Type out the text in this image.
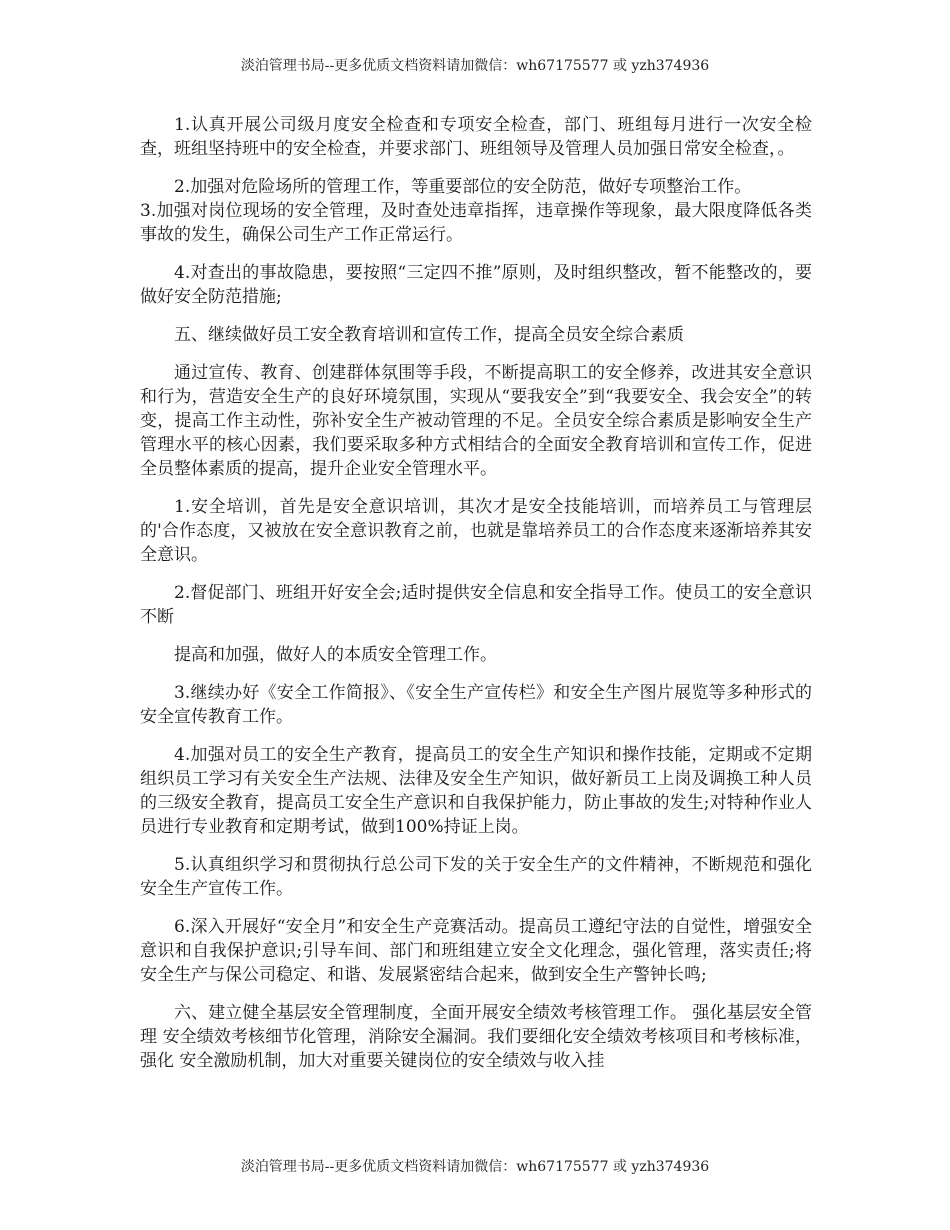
淡泊管理书局--更多优质文档资料请加微信：wh67175577 或 yzh374936

1.认真开展公司级月度安全检查和专项安全检查，部门、班组每月进行一次安全检查，班组坚持班中的安全检查，并要求部门、班组领导及管理人员加强日常安全检查，。

2.加强对危险场所的管理工作，等重要部位的安全防范，做好专项整治工作。

3.加强对岗位现场的安全管理，及时查处违章指挥，违章操作等现象，最大限度降低各类事故的发生，确保公司生产工作正常运行。

4.对查出的事故隐患，要按照“三定四不推”原则，及时组织整改，暂不能整改的，要做好安全防范措施;

五、继续做好员工安全教育培训和宣传工作，提高全员安全综合素质

通过宣传、教育、创建群体氛围等手段，不断提高职工的安全修养，改进其安全意识和行为，营造安全生产的良好环境氛围，实现从“要我安全”到“我要安全、我会安全”的转变，提高工作主动性，弥补安全生产被动管理的不足。全员安全综合素质是影响安全生产管理水平的核心因素，我们要采取多种方式相结合的全面安全教育培训和宣传工作，促进全员整体素质的提高，提升企业安全管理水平。

1.安全培训，首先是安全意识培训，其次才是安全技能培训，而培养员工与管理层的'合作态度，又被放在安全意识教育之前，也就是靠培养员工的合作态度来逐渐培养其安全意识。

2.督促部门、班组开好安全会;适时提供安全信息和安全指导工作。使员工的安全意识不断

提高和加强，做好人的本质安全管理工作。

3.继续办好《安全工作简报》、《安全生产宣传栏》和安全生产图片展览等多种形式的安全宣传教育工作。

4.加强对员工的安全生产教育，提高员工的安全生产知识和操作技能，定期或不定期组织员工学习有关安全生产法规、法律及安全生产知识，做好新员工上岗及调换工种人员的三级安全教育，提高员工安全生产意识和自我保护能力，防止事故的发生;对特种作业人员进行专业教育和定期考试，做到100%持证上岗。

5.认真组织学习和贯彻执行总公司下发的关于安全生产的文件精神，不断规范和强化安全生产宣传工作。

6.深入开展好“安全月”和安全生产竞赛活动。提高员工遵纪守法的自觉性，增强安全意识和自我保护意识;引导车间、部门和班组建立安全文化理念，强化管理，落实责任;将安全生产与保公司稳定、和谐、发展紧密结合起来，做到安全生产警钟长鸣;

六、建立健全基层安全管理制度，全面开展安全绩效考核管理工作。 强化基层安全管理 安全绩效考核细节化管理，消除安全漏洞。我们要细化安全绩效考核项目和考核标准，强化 安全激励机制，加大对重要关键岗位的安全绩效与收入挂

淡泊管理书局--更多优质文档资料请加微信：wh67175577 或 yzh374936
